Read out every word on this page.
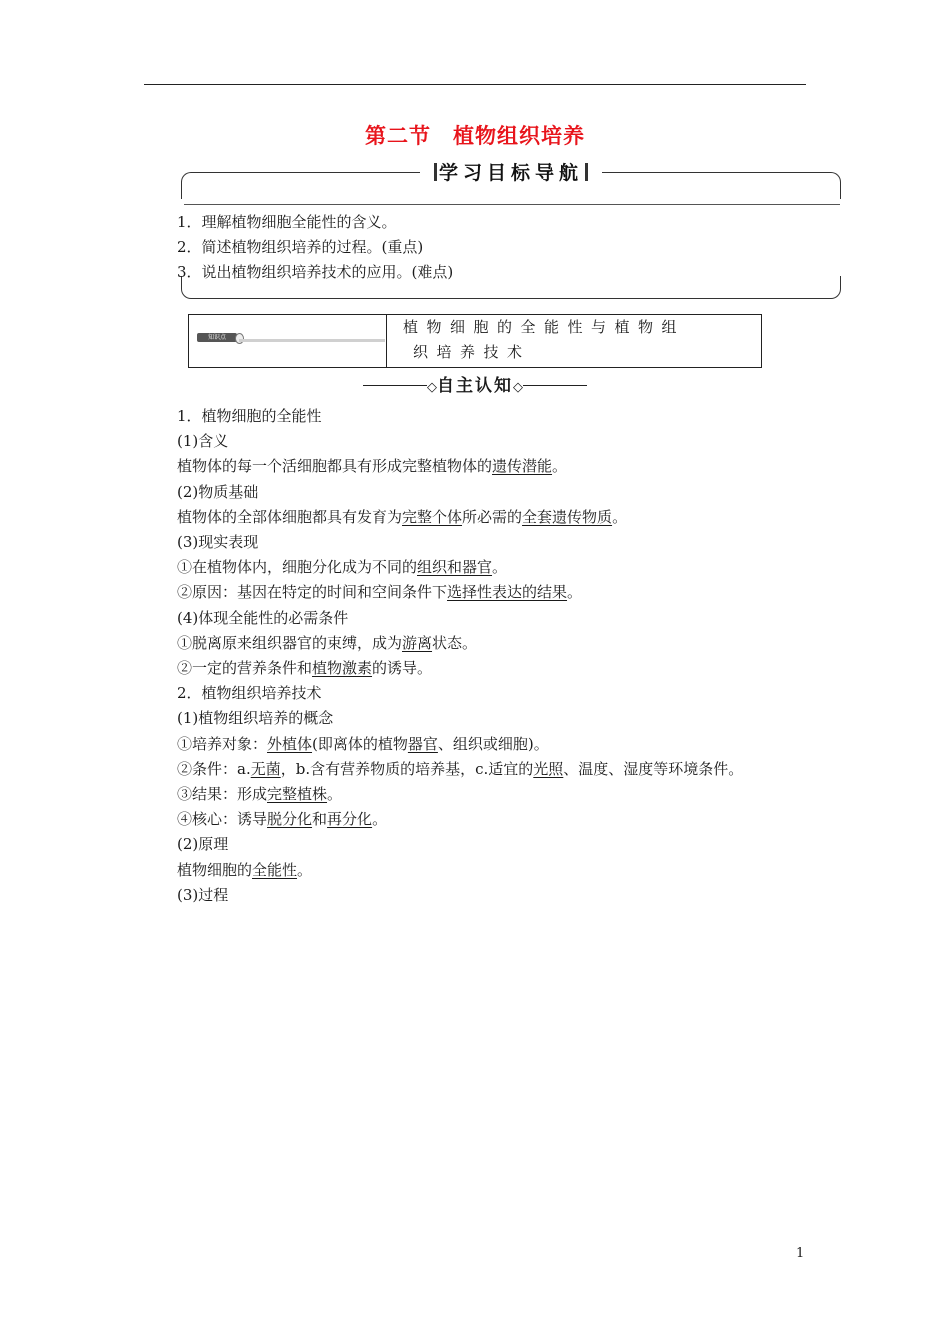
第二节 植物组织培养
学习目标导航
1．理解植物细胞全能性的含义。
2．简述植物组织培养的过程。(重点)
3．说出植物组织培养技术的应用。(难点)
知识点
植物细胞的全能性与植物组
织培养技术
◇自主认知◇
1．植物细胞的全能性
(1)含义
植物体的每一个活细胞都具有形成完整植物体的遗传潜能。
(2)物质基础
植物体的全部体细胞都具有发育为完整个体所必需的全套遗传物质。
(3)现实表现
①在植物体内，细胞分化成为不同的组织和器官。
②原因：基因在特定的时间和空间条件下选择性表达的结果。
(4)体现全能性的必需条件
①脱离原来组织器官的束缚，成为游离状态。
②一定的营养条件和植物激素的诱导。
2．植物组织培养技术
(1)植物组织培养的概念
①培养对象：外植体(即离体的植物器官、组织或细胞)。
②条件：a.无菌，b.含有营养物质的培养基，c.适宜的光照、温度、湿度等环境条件。
③结果：形成完整植株。
④核心：诱导脱分化和再分化。
(2)原理
植物细胞的全能性。
(3)过程
1
